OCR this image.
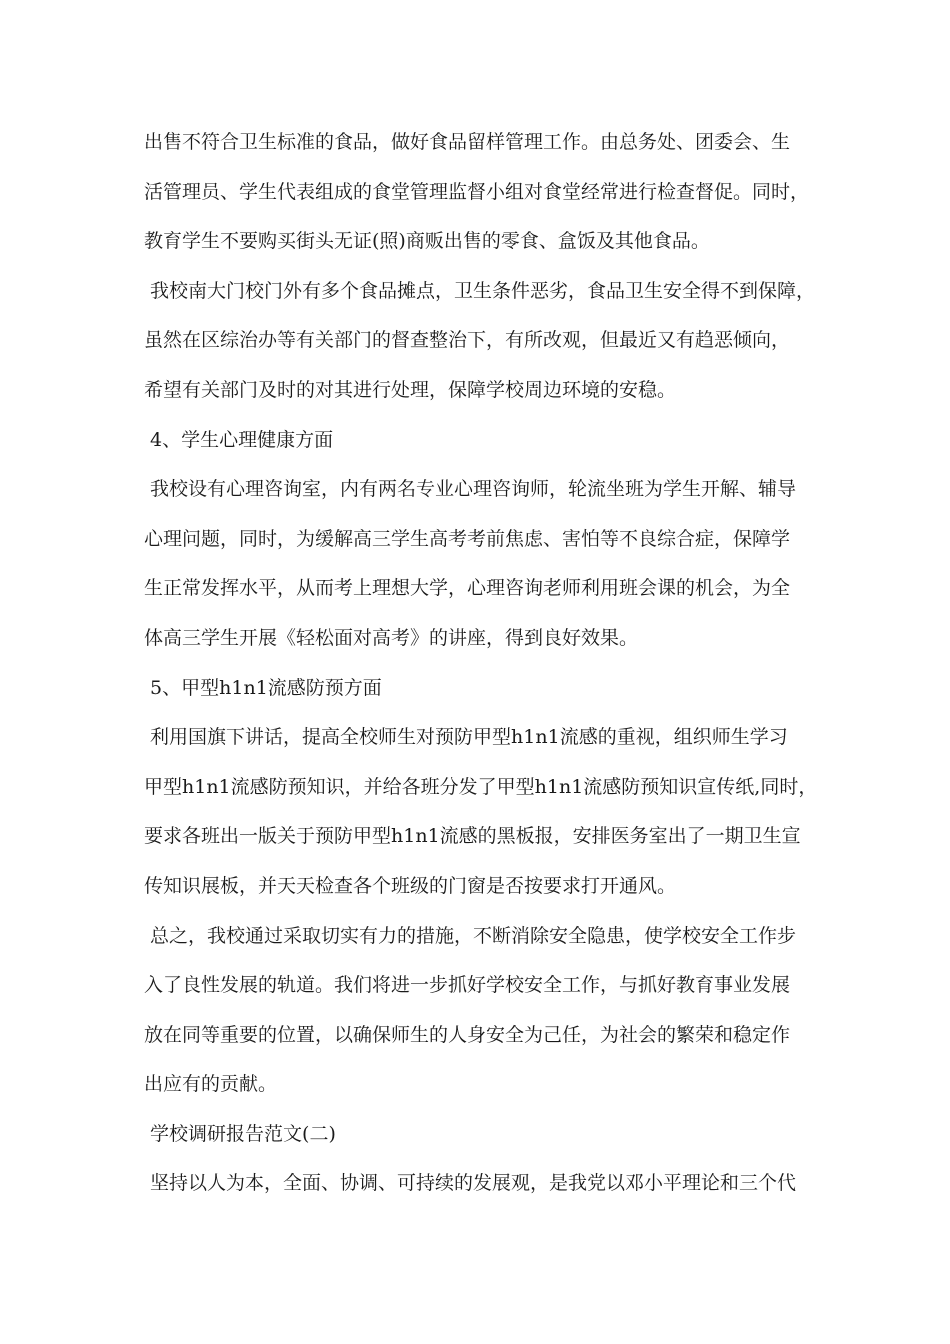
出售不符合卫生标准的食品，做好食品留样管理工作。由总务处、团委会、生
活管理员、学生代表组成的食堂管理监督小组对食堂经常进行检查督促。同时，
教育学生不要购买街头无证(照)商贩出售的零食、盒饭及其他食品。
我校南大门校门外有多个食品摊点，卫生条件恶劣，食品卫生安全得不到保障，
虽然在区综治办等有关部门的督查整治下，有所改观，但最近又有趋恶倾向，
希望有关部门及时的对其进行处理，保障学校周边环境的安稳。
4、学生心理健康方面
我校设有心理咨询室，内有两名专业心理咨询师，轮流坐班为学生开解、辅导
心理问题，同时，为缓解高三学生高考考前焦虑、害怕等不良综合症，保障学
生正常发挥水平，从而考上理想大学，心理咨询老师利用班会课的机会，为全
体高三学生开展《轻松面对高考》的讲座，得到良好效果。
5、甲型h1n1流感防预方面
利用国旗下讲话，提高全校师生对预防甲型h1n1流感的重视，组织师生学习
甲型h1n1流感防预知识，并给各班分发了甲型h1n1流感防预知识宣传纸,同时，
要求各班出一版关于预防甲型h1n1流感的黑板报，安排医务室出了一期卫生宣
传知识展板，并天天检查各个班级的门窗是否按要求打开通风。
总之，我校通过采取切实有力的措施，不断消除安全隐患，使学校安全工作步
入了良性发展的轨道。我们将进一步抓好学校安全工作，与抓好教育事业发展
放在同等重要的位置，以确保师生的人身安全为己任，为社会的繁荣和稳定作
出应有的贡献。
学校调研报告范文(二)
坚持以人为本，全面、协调、可持续的发展观，是我党以邓小平理论和三个代
